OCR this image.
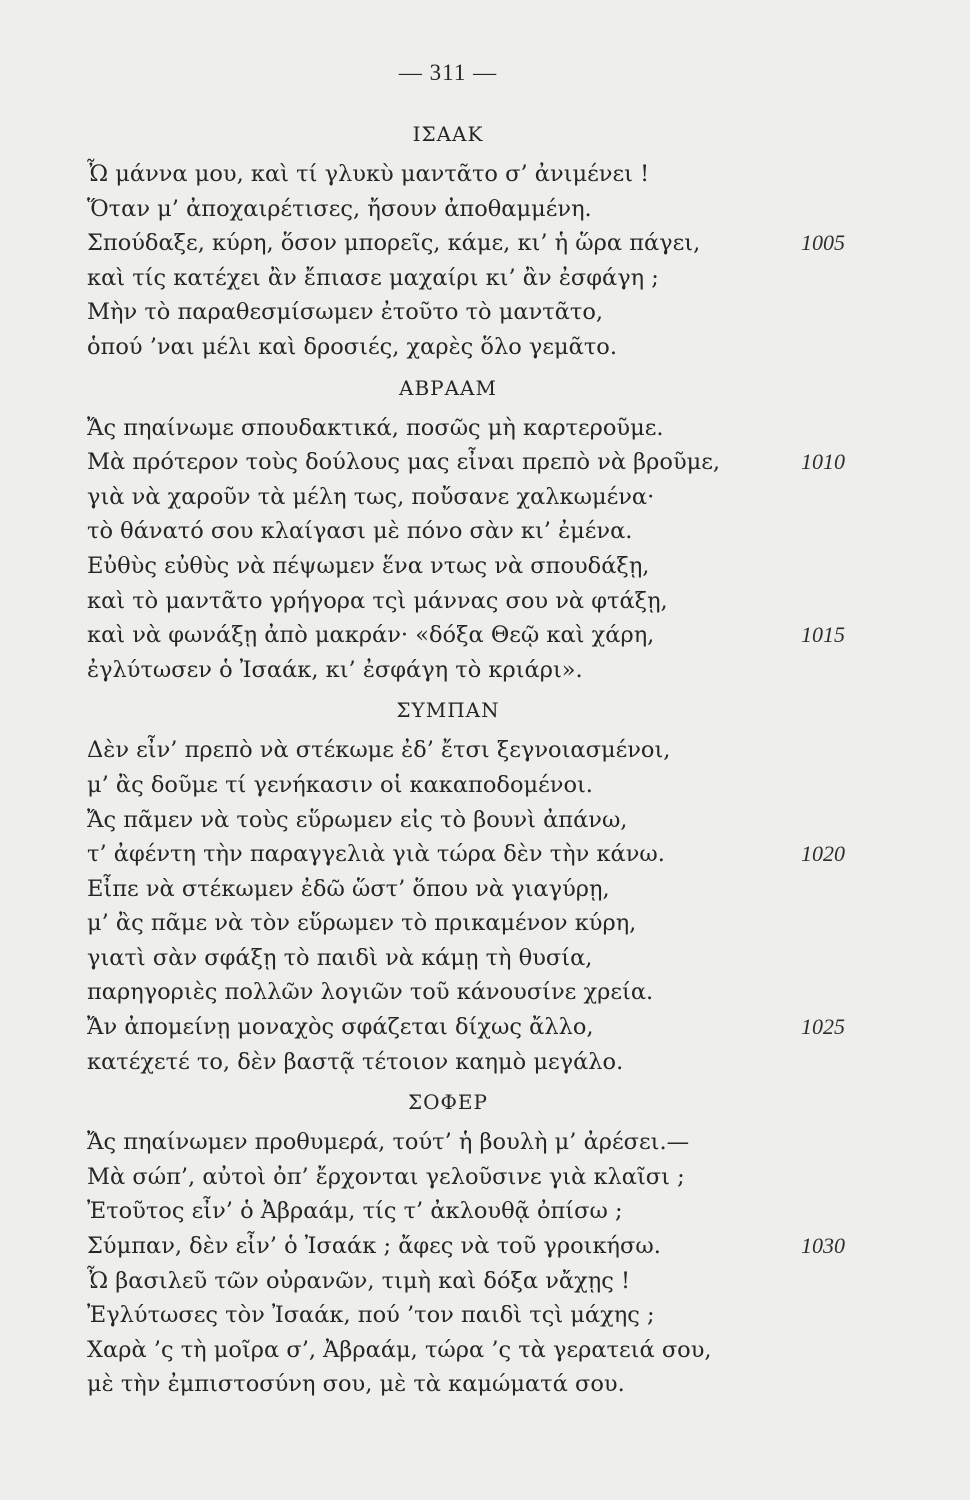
— 311 —
ΙΣΑΑΚ
Ὦ μάννα μου, καὶ τί γλυκὺ μαντᾶτο σ’ ἀνιμένει !
Ὅταν μ’ ἀποχαιρέτισες, ἤσουν ἀποθαμμένη.
Σπούδαξε, κύρη, ὅσον μπορεῖς, κάμε, κι’ ἡ ὥρα πάγει,	1005
καὶ τίς κατέχει ἂν ἔπιασε μαχαίρι κι’ ἂν ἐσφάγη ;
Μὴν τὸ παραθεσμίσωμεν ἐτοῦτο τὸ μαντᾶτο,
ὁπού ’ναι μέλι καὶ δροσιές, χαρὲς ὅλο γεμᾶτο.
ΑΒΡΑΑΜ
Ἄς πηαίνωμε σπουδακτικά, ποσῶς μὴ καρτεροῦμε.
Μὰ πρότερον τοὺς δούλους μας εἶναι πρεπὸ νὰ βροῦμε,	1010
γιὰ νὰ χαροῦν τὰ μέλη τως, ποὔσανε χαλκωμένα·
τὸ θάνατό σου κλαίγασι μὲ πόνο σὰν κι’ ἐμένα.
Εὐθὺς εὐθὺς νὰ πέψωμεν ἕνα ντως νὰ σπουδάξῃ,
καὶ τὸ μαντᾶτο γρήγορα τςὶ μάννας σου νὰ φτάξῃ,
καὶ νὰ φωνάξῃ ἀπὸ μακράν· «δόξα Θεῷ καὶ χάρη,	1015
ἐγλύτωσεν ὁ Ἰσαάκ, κι’ ἐσφάγη τὸ κριάρι».
ΣΥΜΠΑΝ
Δὲν εἶν’ πρεπὸ νὰ στέκωμε ἐδ’ ἔτσι ξεγνοιασμένοι,
μ’ ἂς δοῦμε τί γενήκασιν οἱ κακαποδομένοι.
Ἄς πᾶμεν νὰ τοὺς εὕρωμεν εἰς τὸ βουνὶ ἀπάνω,
τ’ ἀφέντη τὴν παραγγελιὰ γιὰ τώρα δὲν τὴν κάνω.	1020
Εἶπε νὰ στέκωμεν ἐδῶ ὥστ’ ὅπου νὰ γιαγύρῃ,
μ’ ἂς πᾶμε νὰ τὸν εὕρωμεν τὸ πρικαμένον κύρη,
γιατὶ σὰν σφάξῃ τὸ παιδὶ νὰ κάμῃ τὴ θυσία,
παρηγοριὲς πολλῶν λογιῶν τοῦ κάνουσίνε χρεία.
Ἄν ἀπομείνῃ μοναχὸς σφάζεται δίχως ἄλλο,	1025
κατέχετέ το, δὲν βαστᾷ τέτοιον καημὸ μεγάλο.
ΣΟΦΕΡ
Ἄς πηαίνωμεν προθυμερά, τούτ’ ἡ βουλὴ μ’ ἀρέσει.—
Μὰ σώπ’, αὐτοὶ ὀπ’ ἔρχονται γελοῦσινε γιὰ κλαῖσι ;
Ἐτοῦτος εἶν’ ὁ Ἀβραάμ, τίς τ’ ἀκλουθᾷ ὀπίσω ;
Σύμπαν, δὲν εἶν’ ὁ Ἰσαάκ ; ἄφες νὰ τοῦ γροικήσω.	1030
Ὦ βασιλεῦ τῶν οὐρανῶν, τιμὴ καὶ δόξα νἄχῃς !
Ἐγλύτωσες τὸν Ἰσαάκ, πού ’τον παιδὶ τςὶ μάχης ;
Χαρὰ ’ς τὴ μοῖρα σ’, Ἀβραάμ, τώρα ’ς τὰ γερατειά σου,
μὲ τὴν ἐμπιστοσύνη σου, μὲ τὰ καμώματά σου.
